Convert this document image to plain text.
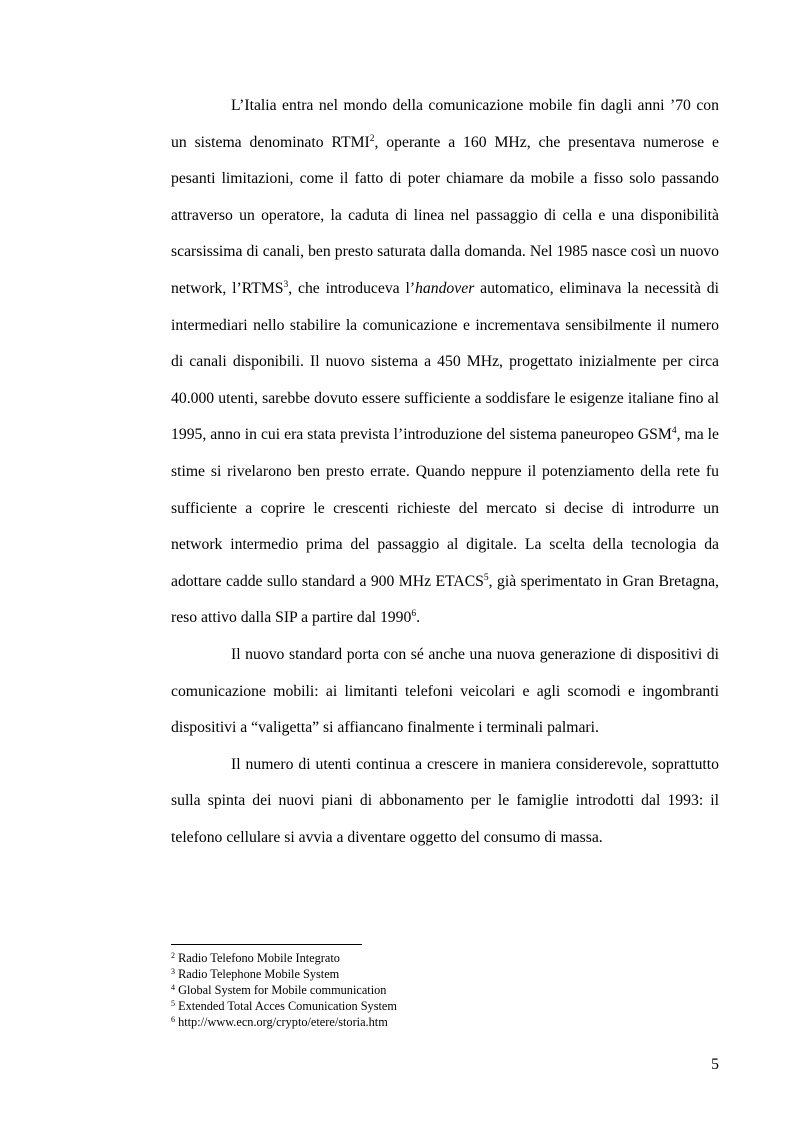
L’Italia entra nel mondo della comunicazione mobile fin dagli anni ’70 con un sistema denominato RTMI$^2$, operante a 160 MHz, che presentava numerose e pesanti limitazioni, come il fatto di poter chiamare da mobile a fisso solo passando attraverso un operatore, la caduta di linea nel passaggio di cella e una disponibilità scarsissima di canali, ben presto saturata dalla domanda. Nel 1985 nasce così un nuovo network, l’RTMS$^3$, che introduceva l’handover automatico, eliminava la necessità di intermediari nello stabilire la comunicazione e incrementava sensibilmente il numero di canali disponibili. Il nuovo sistema a 450 MHz, progettato inizialmente per circa 40.000 utenti, sarebbe dovuto essere sufficiente a soddisfare le esigenze italiane fino al 1995, anno in cui era stata prevista l’introduzione del sistema paneuropeo GSM$^4$, ma le stime si rivelarono ben presto errate. Quando neppure il potenziamento della rete fu sufficiente a coprire le crescenti richieste del mercato si decise di introdurre un network intermedio prima del passaggio al digitale. La scelta della tecnologia da adottare cadde sullo standard a 900 MHz ETACS$^5$, già sperimentato in Gran Bretagna, reso attivo dalla SIP a partire dal 1990$^6$.

Il nuovo standard porta con sé anche una nuova generazione di dispositivi di comunicazione mobili: ai limitanti telefoni veicolari e agli scomodi e ingombranti dispositivi a “valigetta” si affiancano finalmente i terminali palmari.

Il numero di utenti continua a crescere in maniera considerevole, soprattutto sulla spinta dei nuovi piani di abbonamento per le famiglie introdotti dal 1993: il telefono cellulare si avvia a diventare oggetto del consumo di massa.

$^2$ Radio Telefono Mobile Integrato
$^3$ Radio Telephone Mobile System
$^4$ Global System for Mobile communication
$^5$ Extended Total Acces Comunication System
$^6$ http://www.ecn.org/crypto/etere/storia.htm
5
